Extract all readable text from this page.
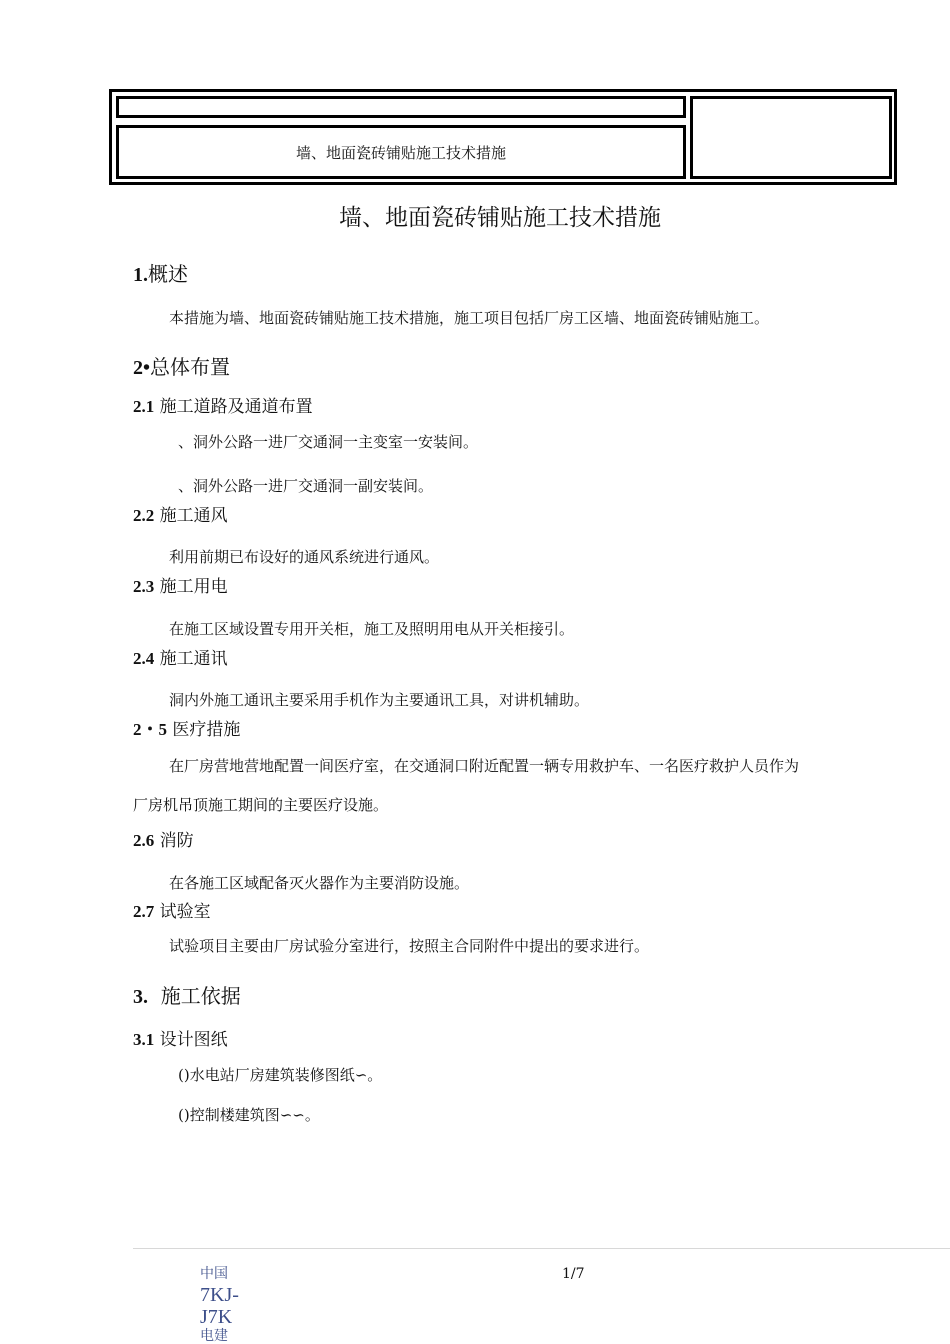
墙、地面瓷砖铺贴施工技术措施
墙、地面瓷砖铺贴施工技术措施
1.概述
本措施为墙、地面瓷砖铺贴施工技术措施，施工项目包括厂房工区墙、地面瓷砖铺贴施工。
2•总体布置
2.1 施工道路及通道布置
、洞外公路一进厂交通洞一主变室一安装间。
、洞外公路一进厂交通洞一副安装间。
2.2 施工通风
利用前期已布设好的通风系统进行通风。
2.3 施工用电
在施工区域设置专用开关柜，施工及照明用电从开关柜接引。
2.4 施工通讯
洞内外施工通讯主要采用手机作为主要通讯工具，对讲机辅助。
2・5 医疗措施
在厂房营地营地配置一间医疗室，在交通洞口附近配置一辆专用救护车、一名医疗救护人员作为
厂房机吊顶施工期间的主要医疗设施。
2.6 消防
在各施工区域配备灭火器作为主要消防设施。
2.7 试验室
试验项目主要由厂房试验分室进行，按照主合同附件中提出的要求进行。
3. 施工依据
3.1 设计图纸
()水电站厂房建筑装修图纸∽。
()控制楼建筑图∽∽。
1/7
中国
7KJ-
J7K
电建
